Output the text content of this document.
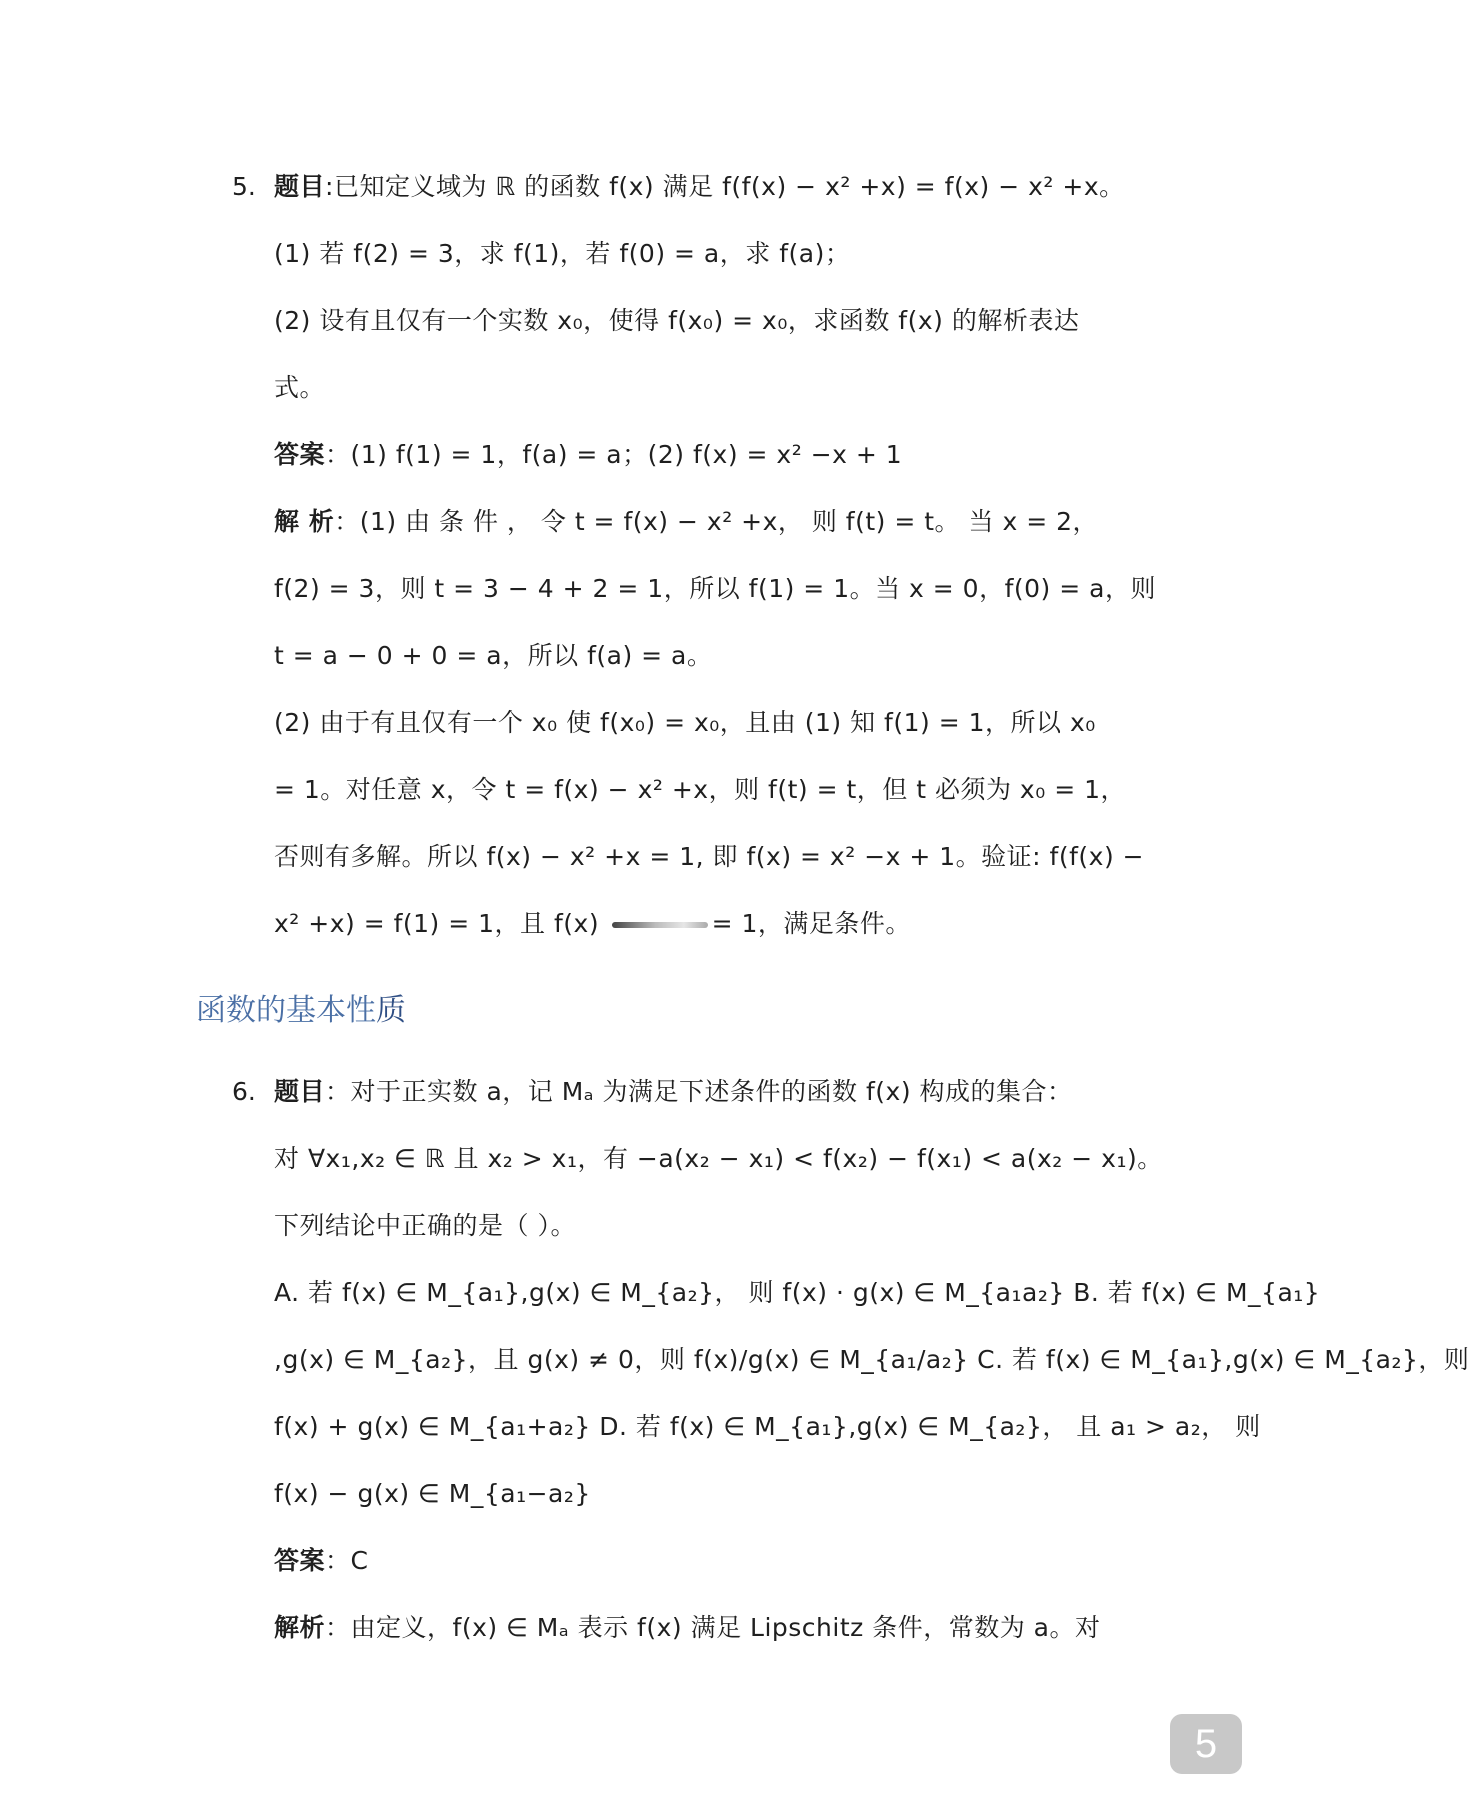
5. 题目:已知定义域为 ℝ 的函数 f(x) 满足 f(f(x) − x² +x) = f(x) − x² +x。
(1) 若 f(2) = 3，求 f(1)，若 f(0) = a，求 f(a)；
(2) 设有且仅有一个实数 x₀，使得 f(x₀) = x₀，求函数 f(x) 的解析表达
式。
答案：(1) f(1) = 1，f(a) = a；(2) f(x) = x² −x + 1
解 析：(1) 由 条 件 ， 令 t = f(x) − x² +x， 则 f(t) = t。 当 x = 2，
f(2) = 3，则 t = 3 − 4 + 2 = 1，所以 f(1) = 1。当 x = 0，f(0) = a，则
t = a − 0 + 0 = a，所以 f(a) = a。
(2) 由于有且仅有一个 x₀ 使 f(x₀) = x₀，且由 (1) 知 f(1) = 1，所以 x₀
= 1。对任意 x，令 t = f(x) − x² +x，则 f(t) = t，但 t 必须为 x₀ = 1，
否则有多解。所以 f(x) − x² +x = 1, 即 f(x) = x² −x + 1。验证: f(f(x) −
x² +x) = f(1) = 1，且 f(x)	= 1，满足条件。
函数的基本性质
6. 题目：对于正实数 a，记 Mₐ 为满足下述条件的函数 f(x) 构成的集合：
对 ∀x₁,x₂ ∈ ℝ 且 x₂ > x₁，有 −a(x₂ − x₁) < f(x₂) − f(x₁) < a(x₂ − x₁)。
下列结论中正确的是（ ）。
A. 若 f(x) ∈ M_{a₁},g(x) ∈ M_{a₂}， 则 f(x) · g(x) ∈ M_{a₁a₂} B. 若 f(x) ∈ M_{a₁}
,g(x) ∈ M_{a₂}，且 g(x) ≠ 0，则 f(x)/g(x) ∈ M_{a₁/a₂} C. 若 f(x) ∈ M_{a₁},g(x) ∈ M_{a₂}，则
f(x) + g(x) ∈ M_{a₁+a₂} D. 若 f(x) ∈ M_{a₁},g(x) ∈ M_{a₂}， 且 a₁ > a₂， 则
f(x) − g(x) ∈ M_{a₁−a₂}
答案：C
解析：由定义，f(x) ∈ Mₐ 表示 f(x) 满足 Lipschitz 条件，常数为 a。对
5
